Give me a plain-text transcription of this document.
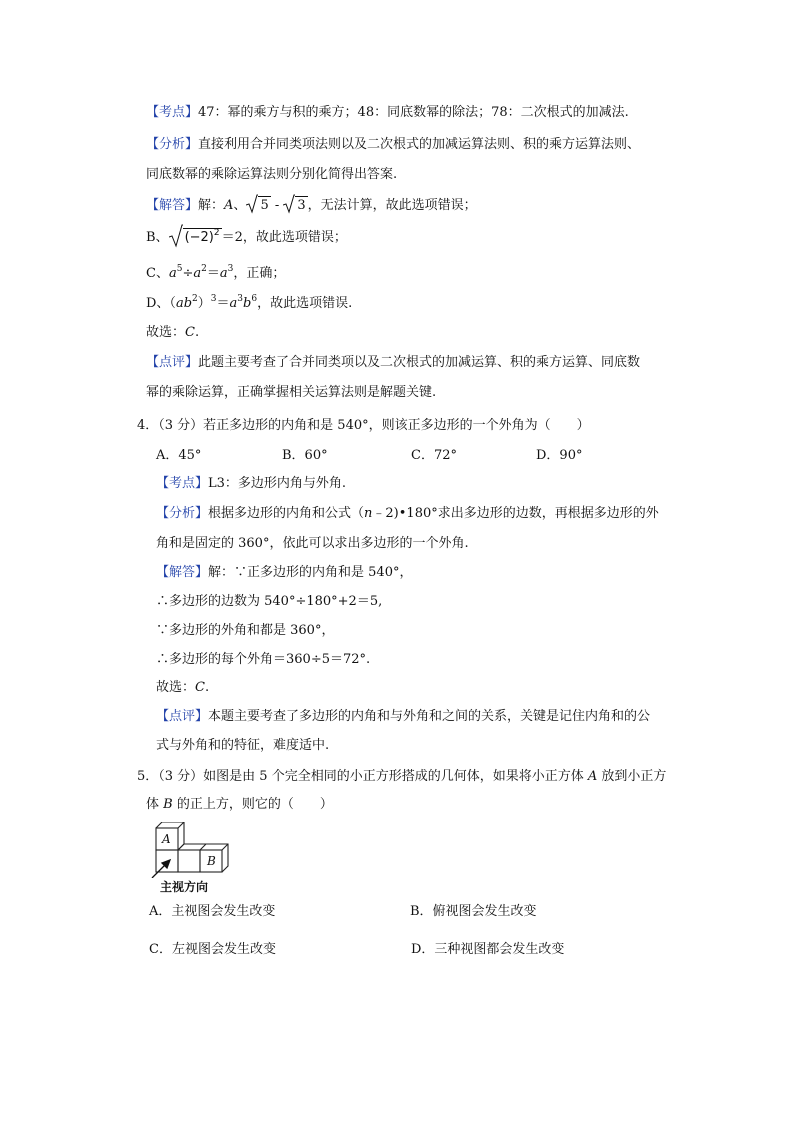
【考点】47：幂的乘方与积的乘方；48：同底数幂的除法；78：二次根式的加减法.
【分析】直接利用合并同类项法则以及二次根式的加减运算法则、积的乘方运算法则、
同底数幂的乘除运算法则分别化简得出答案.
【解答】解：A、 5 -
3 ，无法计算，故此选项错误；
B、 $(-2)^2 =2$，故此选项错误；
C、$a^5\div a^2=a^3$，正确；
D、$(ab^2)^3=a^3b^6$，故此选项错误.
故选：C.
【点评】此题主要考查了合并同类项以及二次根式的加减运算、积的乘方运算、同底数
幂的乘除运算，正确掌握相关运算法则是解题关键.
4．（3 分）若正多边形的内角和是 540°，则该正多边形的一个外角为（　　）
A．45°	B．60°	C．72°	D．90°
【考点】L3：多边形内角与外角.
【分析】根据多边形的内角和公式（n﹣2)•180°求出多边形的边数，再根据多边形的外
角和是固定的 360°，依此可以求出多边形的一个外角.
【解答】解：∵正多边形的内角和是 540°，
∴多边形的边数为 540°÷180°+2＝5,
∵多边形的外角和都是 360°，
∴多边形的每个外角＝360÷5＝72°.
故选：C.
【点评】本题主要考查了多边形的内角和与外角和之间的关系，关键是记住内角和的公
式与外角和的特征，难度适中.
5．（3 分）如图是由 5 个完全相同的小正方形搭成的几何体，如果将小正方体 A 放到小正方
体 B 的正上方，则它的（　　）
A
B
主视方向
A．主视图会发生改变	B．俯视图会发生改变
C．左视图会发生改变	D．三种视图都会发生改变
